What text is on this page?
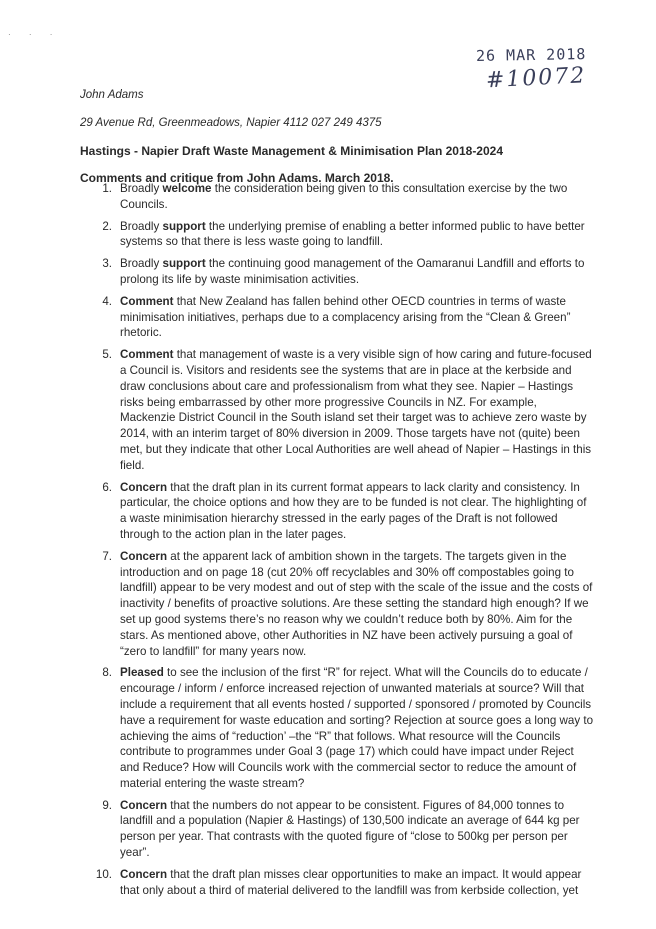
· · ·
26 MAR 2018
#10072

John Adams

29 Avenue Rd, Greenmeadows, Napier 4112 027 249 4375

Hastings - Napier Draft Waste Management & Minimisation Plan 2018-2024

Comments and critique from John Adams. March 2018.

1. Broadly welcome the consideration being given to this consultation exercise by the two Councils.
2. Broadly support the underlying premise of enabling a better informed public to have better systems so that there is less waste going to landfill.
3. Broadly support the continuing good management of the Oamaranui Landfill and efforts to prolong its life by waste minimisation activities.
4. Comment that New Zealand has fallen behind other OECD countries in terms of waste minimisation initiatives, perhaps due to a complacency arising from the “Clean & Green” rhetoric.
5. Comment that management of waste is a very visible sign of how caring and future-focused a Council is. Visitors and residents see the systems that are in place at the kerbside and draw conclusions about care and professionalism from what they see. Napier – Hastings risks being embarrassed by other more progressive Councils in NZ. For example, Mackenzie District Council in the South island set their target was to achieve zero waste by 2014, with an interim target of 80% diversion in 2009. Those targets have not (quite) been met, but they indicate that other Local Authorities are well ahead of Napier – Hastings in this field.
6. Concern that the draft plan in its current format appears to lack clarity and consistency. In particular, the choice options and how they are to be funded is not clear. The highlighting of a waste minimisation hierarchy stressed in the early pages of the Draft is not followed through to the action plan in the later pages.
7. Concern at the apparent lack of ambition shown in the targets. The targets given in the introduction and on page 18 (cut 20% off recyclables and 30% off compostables going to landfill) appear to be very modest and out of step with the scale of the issue and the costs of inactivity / benefits of proactive solutions. Are these setting the standard high enough? If we set up good systems there’s no reason why we couldn’t reduce both by 80%. Aim for the stars. As mentioned above, other Authorities in NZ have been actively pursuing a goal of “zero to landfill” for many years now.
8. Pleased to see the inclusion of the first “R” for reject. What will the Councils do to educate / encourage / inform / enforce increased rejection of unwanted materials at source? Will that include a requirement that all events hosted / supported / sponsored / promoted by Councils have a requirement for waste education and sorting? Rejection at source goes a long way to achieving the aims of “reduction’ –the “R” that follows. What resource will the Councils contribute to programmes under Goal 3 (page 17) which could have impact under Reject and Reduce? How will Councils work with the commercial sector to reduce the amount of material entering the waste stream?
9. Concern that the numbers do not appear to be consistent. Figures of 84,000 tonnes to landfill and a population (Napier & Hastings) of 130,500 indicate an average of 644 kg per person per year. That contrasts with the quoted figure of “close to 500kg per person per year”.
10. Concern that the draft plan misses clear opportunities to make an impact. It would appear that only about a third of material delivered to the landfill was from kerbside collection, yet
